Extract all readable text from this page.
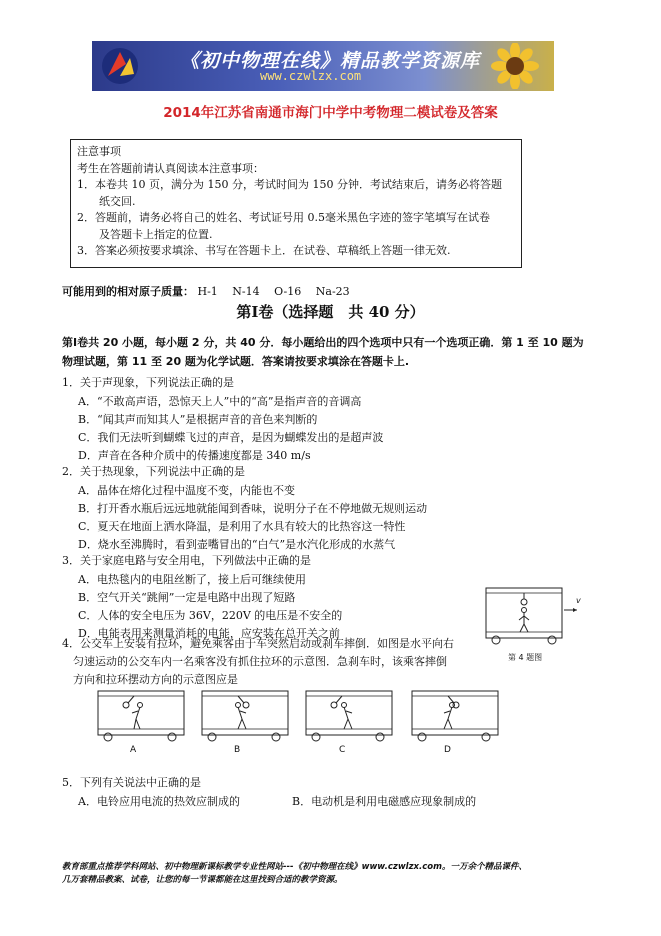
《初中物理在线》精品教学资源库
www.czwlzx.com
2014年江苏省南通市海门中学中考物理二模试卷及答案
注意事项
考生在答题前请认真阅读本注意事项：
1．本卷共 10 页，满分为 150 分，考试时间为 150 分钟．考试结束后，请务必将答题
　　纸交回.
2．答题前，请务必将自己的姓名、考试证号用 0.5毫米黑色字迹的签字笔填写在试卷
　　及答题卡上指定的位置.
3．答案必须按要求填涂、书写在答题卡上．在试卷、草稿纸上答题一律无效.
可能用到的相对原子质量： H-1　 N-14　 O-16　 Na-23
第Ⅰ卷（选择题　共 40 分）
第Ⅰ卷共 20 小题，每小题 2 分，共 40 分．每小题给出的四个选项中只有一个选项正确．第 1 至 10 题为物理试题，第 11 至 20 题为化学试题．答案请按要求填涂在答题卡上.
1．关于声现象，下列说法正确的是
A．“不敢高声语，恐惊天上人”中的“高”是指声音的音调高
B．“闻其声而知其人”是根据声音的音色来判断的
C．我们无法听到蝴蝶飞过的声音，是因为蝴蝶发出的是超声波
D．声音在各种介质中的传播速度都是 340 m/s
2．关于热现象，下列说法中正确的是
A．晶体在熔化过程中温度不变，内能也不变
B．打开香水瓶后远远地就能闻到香味，说明分子在不停地做无规则运动
C．夏天在地面上洒水降温，是利用了水具有较大的比热容这一特性
D．烧水至沸腾时，看到壶嘴冒出的“白气”是水汽化形成的水蒸气
3．关于家庭电路与安全用电，下列做法中正确的是
A．电热毯内的电阻丝断了，接上后可继续使用
B．空气开关“跳闸”一定是电路中出现了短路
C．人体的安全电压为 36V，220V 的电压是不安全的
D．电能表用来测量消耗的电能，应安装在总开关之前
v
第 4 题图
4．公交车上安装有拉环，避免乘客由于车突然启动或刹车摔倒．如图是水平向右
　匀速运动的公交车内一名乘客没有抓住拉环的示意图．急刹车时，该乘客摔倒
　方向和拉环摆动方向的示意图应是
A	B	C	D
5．下列有关说法中正确的是
A．电铃应用电流的热效应制成的	B．电动机是利用电磁感应现象制成的
教育部重点推荐学科网站、初中物理新课标教学专业性网站---《初中物理在线》www.czwlzx.com。一万余个精品课件、
几万套精品教案、试卷，让您的每一节课都能在这里找到合适的教学资源。
